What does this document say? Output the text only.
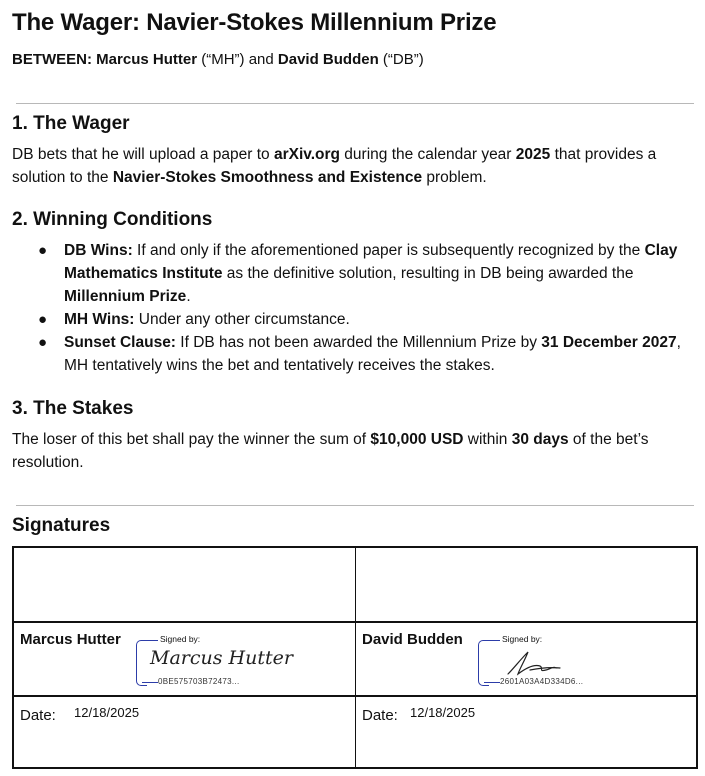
The Wager: Navier-Stokes Millennium Prize
BETWEEN: Marcus Hutter (“MH”) and David Budden (“DB”)
1. The Wager

DB bets that he will upload a paper to arXiv.org during the calendar year 2025 that provides a solution to the Navier-Stokes Smoothness and Existence problem.

2. Winning Conditions
● DB Wins: If and only if the aforementioned paper is subsequently recognized by the Clay Mathematics Institute as the definitive solution, resulting in DB being awarded the Millennium Prize.
● MH Wins: Under any other circumstance.
● Sunset Clause: If DB has not been awarded the Millennium Prize by 31 December 2027, MH tentatively wins the bet and tentatively receives the stakes.
3. The Stakes

The loser of this bet shall pay the winner the sum of $10,000 USD within 30 days of the bet’s resolution.

Signatures
Marcus Hutter	Signed by:
Marcus Hutter
0BE575703B72473...
Date: 12/18/2025
David Budden	Signed by:
2601A03A4D334D6...
Date: 12/18/2025
